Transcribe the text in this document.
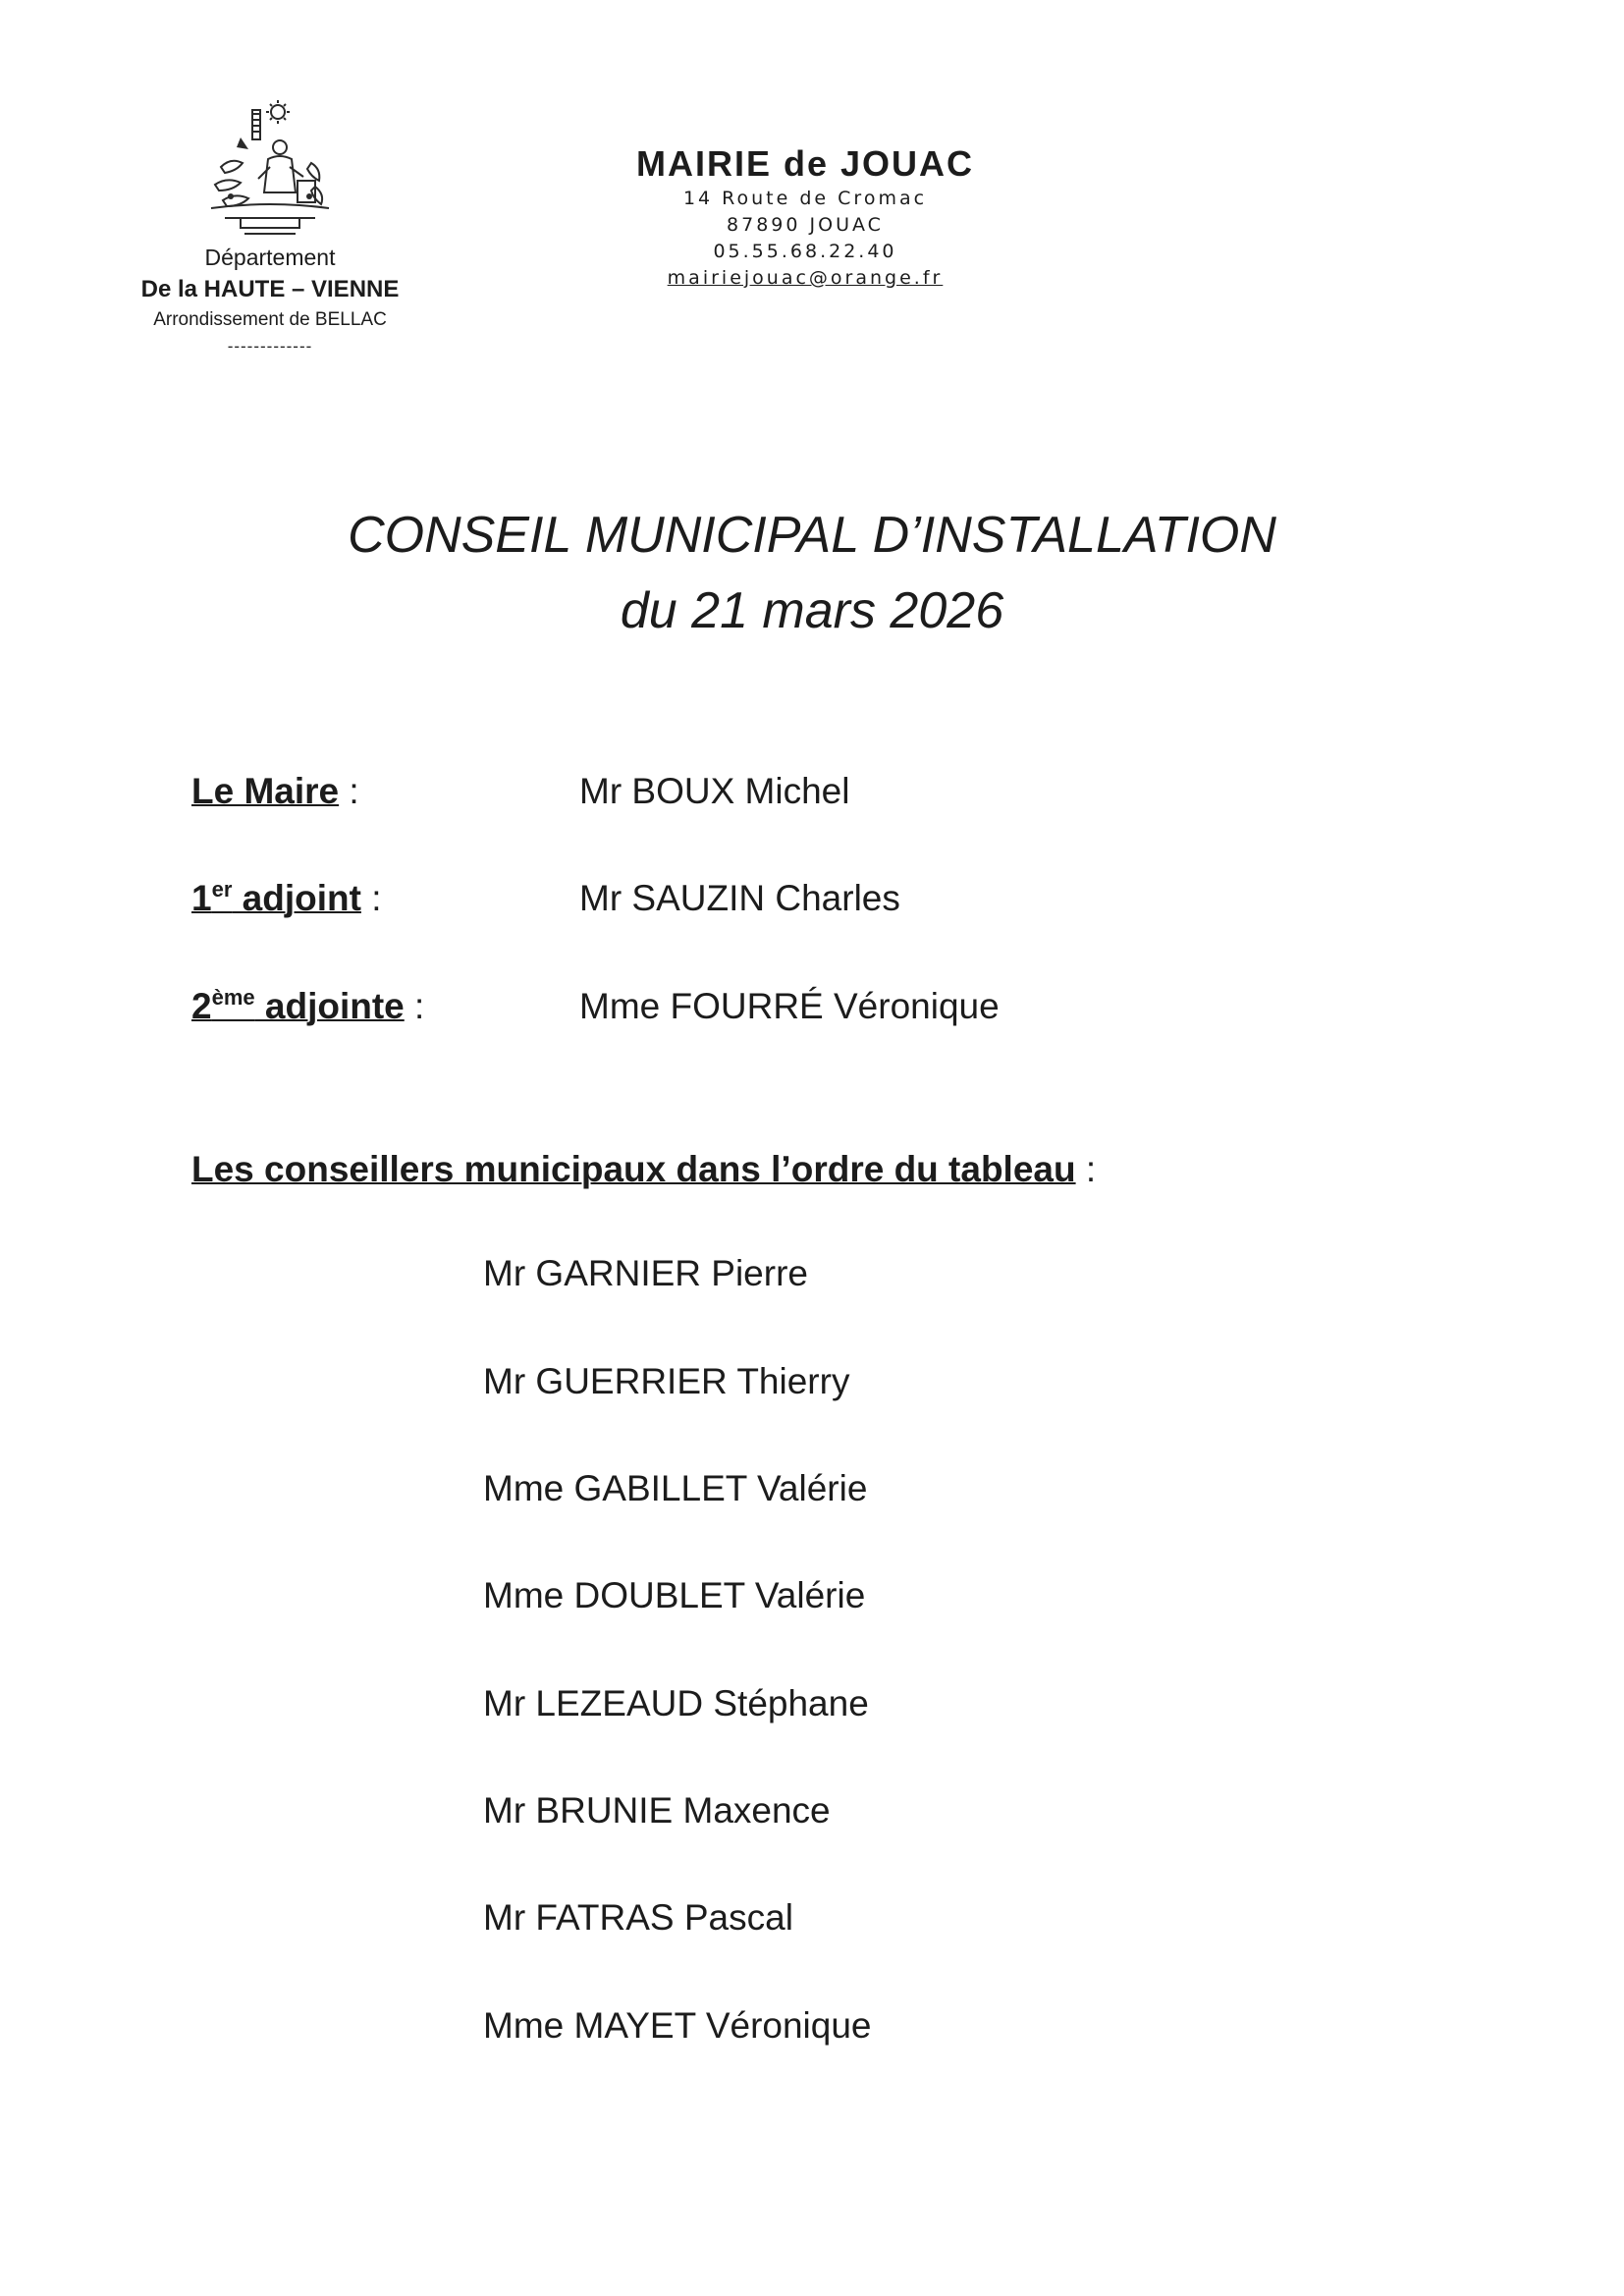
Département
De la HAUTE – VIENNE
Arrondissement de BELLAC
-------------
MAIRIE de JOUAC
14 Route de Cromac
87890 JOUAC
05.55.68.22.40
mairiejouac@orange.fr
CONSEIL MUNICIPAL D’INSTALLATION
du 21 mars 2026
Le Maire :	Mr BOUX Michel
1er adjoint :	Mr SAUZIN Charles
2ème adjointe :	Mme FOURRÉ Véronique
Les conseillers municipaux dans l’ordre du tableau :
Mr GARNIER Pierre
Mr GUERRIER Thierry
Mme GABILLET Valérie
Mme DOUBLET Valérie
Mr LEZEAUD Stéphane
Mr BRUNIE Maxence
Mr FATRAS Pascal
Mme MAYET Véronique
